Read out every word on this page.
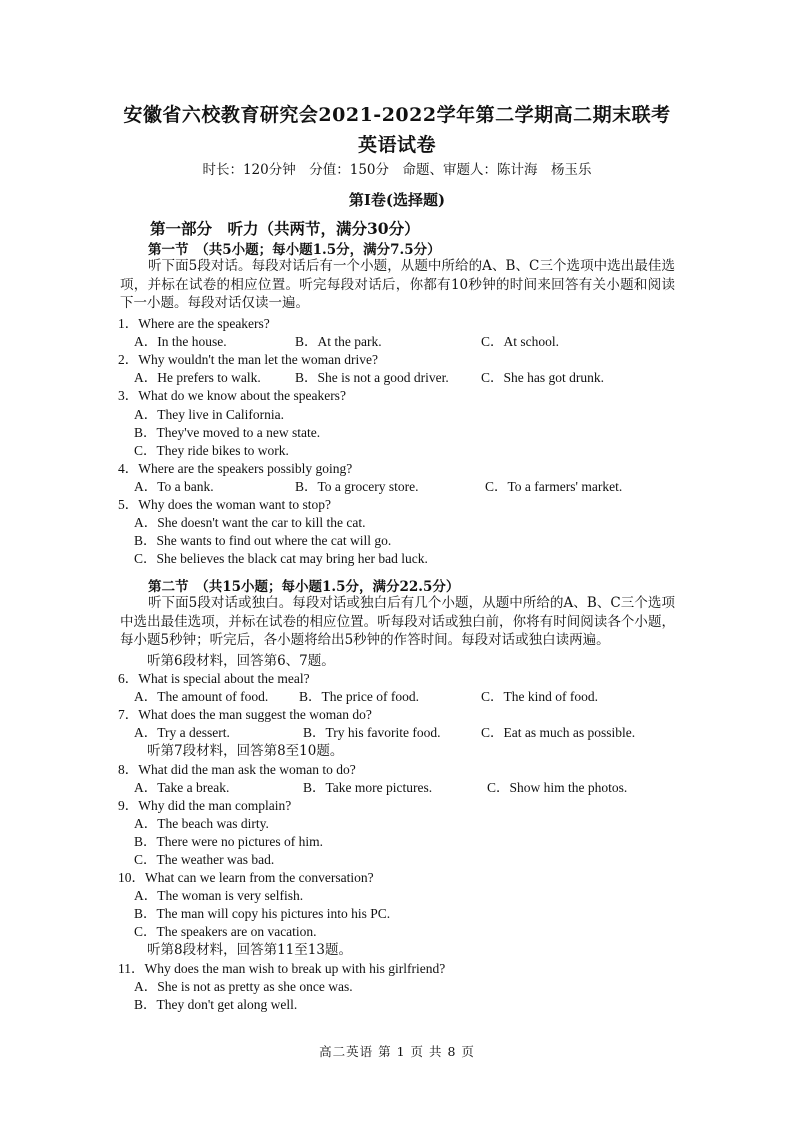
安徽省六校教育研究会2021-2022学年第二学期高二期末联考
英语试卷
时长：120分钟　分值：150分　命题、审题人：陈计海　杨玉乐
第Ⅰ卷(选择题)
第一部分　听力（共两节，满分30分）
第一节　（共5小题；每小题1.5分，满分7.5分）
听下面5段对话。每段对话后有一个小题，从题中所给的A、B、C三个选项中选出最佳选项，并标在试卷的相应位置。听完每段对话后，你都有10秒钟的时间来回答有关小题和阅读下一小题。每段对话仅读一遍。
1．Where are the speakers?
A．In the house.	B．At the park.	C．At school.
2．Why wouldn't the man let the woman drive?
A．He prefers to walk.	B．She is not a good driver. C．She has got drunk.
3．What do we know about the speakers?
A．They live in California.
B．They've moved to a new state.
C．They ride bikes to work.
4．Where are the speakers possibly going?
A．To a bank.	B．To a grocery store.	C．To a farmers' market.
5．Why does the woman want to stop?
A．She doesn't want the car to kill the cat.
B．She wants to find out where the cat will go.
C．She believes the black cat may bring her bad luck.
第二节　（共15小题；每小题1.5分，满分22.5分）
听下面5段对话或独白。每段对话或独白后有几个小题，从题中所给的A、B、C三个选项中选出最佳选项，并标在试卷的相应位置。听每段对话或独白前，你将有时间阅读各个小题，每小题5秒钟；听完后，各小题将给出5秒钟的作答时间。每段对话或独白读两遍。
听第6段材料，回答第6、7题。
6．What is special about the meal?
A．The amount of food. B．The price of food.	C．The kind of food.
7．What does the man suggest the woman do?
A．Try a dessert.	B．Try his favorite food.	C．Eat as much as possible.
听第7段材料，回答第8至10题。
8．What did the man ask the woman to do?
A．Take a break.	B．Take more pictures.	C．Show him the photos.
9．Why did the man complain?
A．The beach was dirty.
B．There were no pictures of him.
C．The weather was bad.
10．What can we learn from the conversation?
A．The woman is very selfish.
B．The man will copy his pictures into his PC.
C．The speakers are on vacation.
听第8段材料，回答第11至13题。
11．Why does the man wish to break up with his girlfriend?
A．She is not as pretty as she once was.
B．They don't get along well.
高二英语 第 1 页 共 8 页
